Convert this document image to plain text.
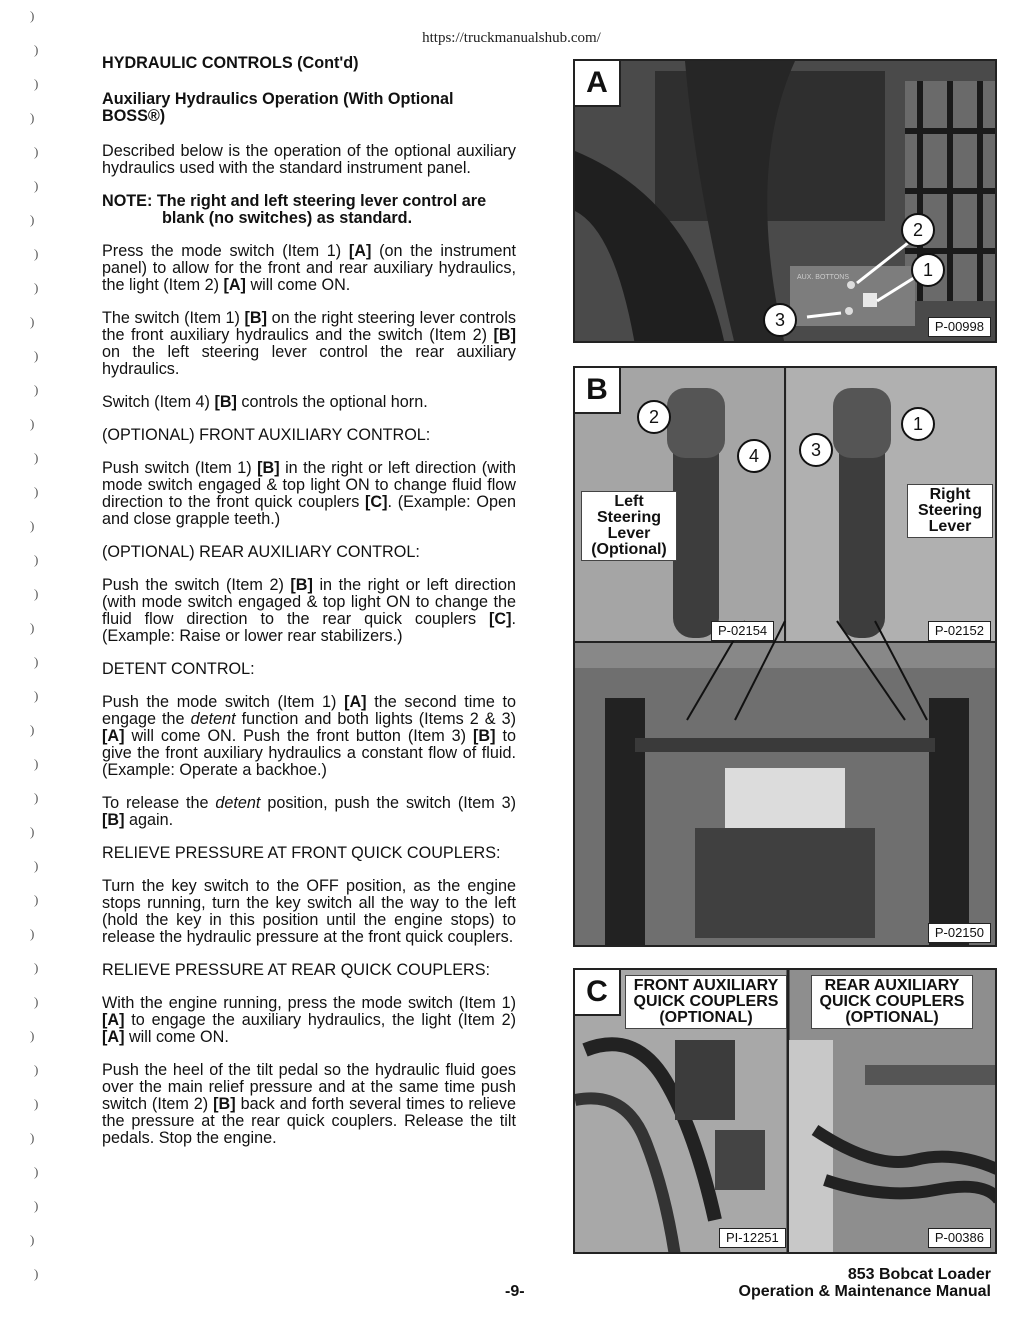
https://truckmanualshub.com/
)
)
)
)
)
)
)
)
)
)
)
)
)
)
)
)
)
)
)
)
)
)
)
)
)
)
)
)
)
)
)
)
)
)
)
)
)
)

HYDRAULIC CONTROLS (Cont'd)

Auxiliary Hydraulics Operation (With Optional BOSS®)

Described below is the operation of the optional auxiliary hydraulics used with the standard instrument panel.

NOTE: The right and left steering lever control are blank (no switches) as standard.

Press the mode switch (Item 1) [A] (on the instrument panel) to allow for the front and rear auxiliary hydraulics, the light (Item 2) [A] will come ON.

The switch (Item 1) [B] on the right steering lever controls the front auxiliary hydraulics and the switch (Item 2) [B] on the left steering lever control the rear auxiliary hydraulics.

Switch (Item 4) [B] controls the optional horn.

(OPTIONAL) FRONT AUXILIARY CONTROL:

Push switch (Item 1) [B] in the right or left direction (with mode switch engaged & top light ON to change fluid flow direction to the front quick couplers [C]. (Example: Open and close grapple teeth.)

(OPTIONAL) REAR AUXILIARY CONTROL:

Push the switch (Item 2) [B] in the right or left direction (with mode switch engaged & top light ON to change the fluid flow direction to the rear quick couplers [C]. (Example: Raise or lower rear stabilizers.)

DETENT CONTROL:

Push the mode switch (Item 1) [A] the second time to engage the detent function and both lights (Items 2 & 3) [A] will come ON. Push the front button (Item 3) [B] to give the front auxiliary hydraulics a constant flow of fluid. (Example: Operate a backhoe.)

To release the detent position, push the switch (Item 3) [B] again.

RELIEVE PRESSURE AT FRONT QUICK COUPLERS:

Turn the key switch to the OFF position, as the engine stops running, turn the key switch all the way to the left (hold the key in this position until the engine stops) to release the hydraulic pressure at the front quick couplers.

RELIEVE PRESSURE AT REAR QUICK COUPLERS:

With the engine running, press the mode switch (Item 1) [A] to engage the auxiliary hydraulics, the light (Item 2) [A] will come ON.

Push the heel of the tilt pedal so the hydraulic fluid goes over the main relief pressure and at the same time push switch (Item 2) [B] back and forth several times to relieve the pressure at the rear quick couplers. Release the tilt pedals. Stop the engine.

AUX. BOTTONS
A
2
1
3	P-00998
B
2
4	3
1
Left
Steering
Lever
(Optional)
Right
Steering
Lever
P-02154	P-02152
P-02150
C	FRONT AUXILIARY
QUICK COUPLERS
(OPTIONAL)
REAR AUXILIARY
QUICK COUPLERS
(OPTIONAL)
PI-12251	P-00386
-9-
853 Bobcat Loader
Operation & Maintenance Manual
